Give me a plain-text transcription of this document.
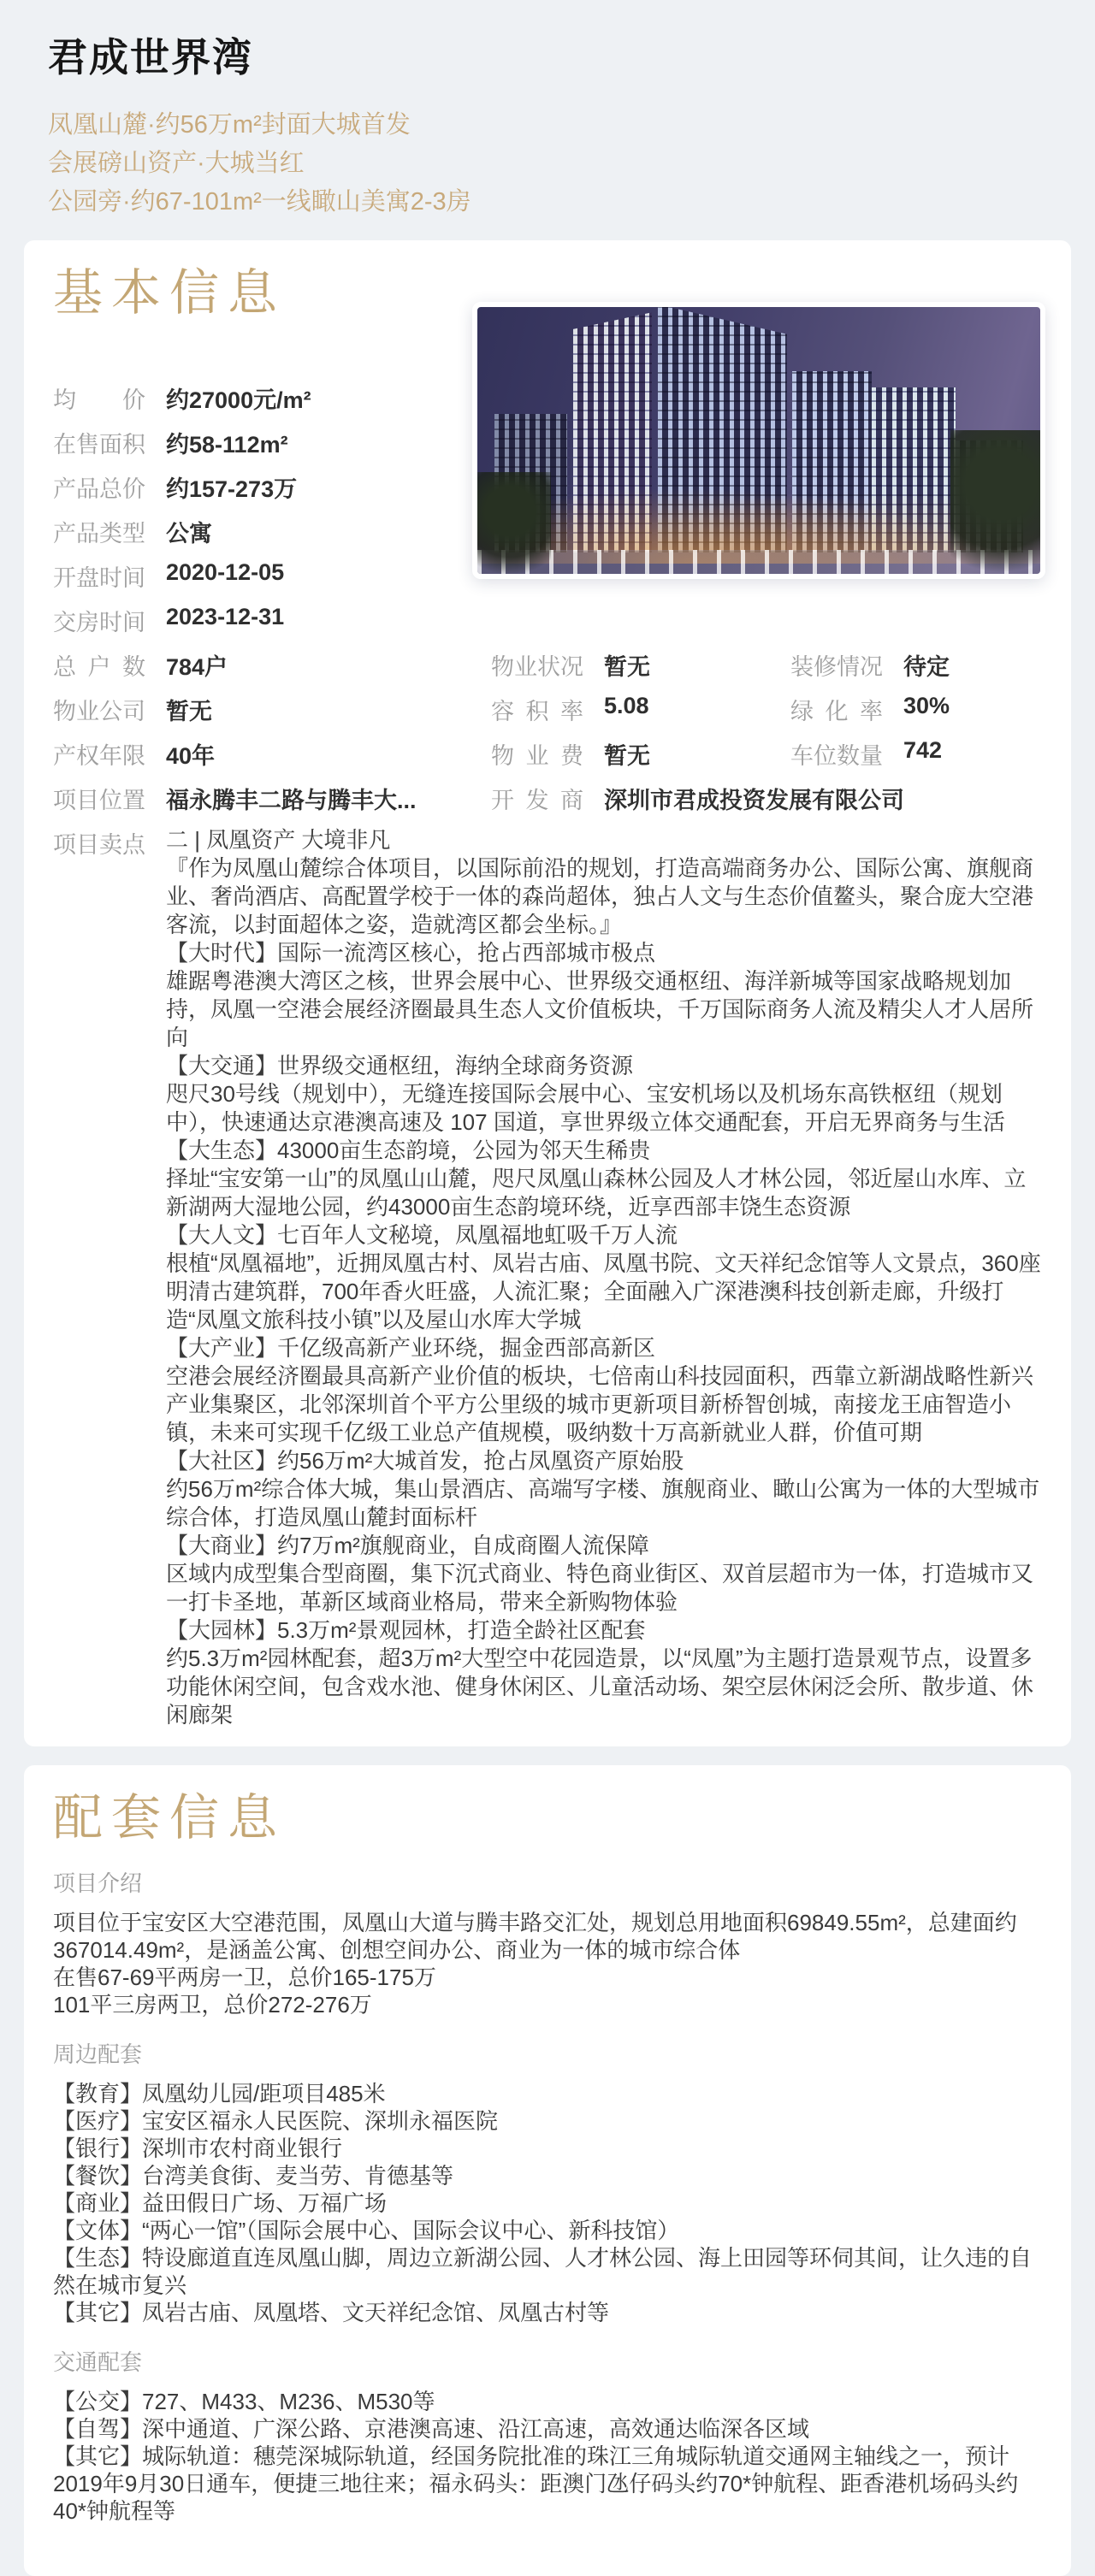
君成世界湾
凤凰山麓·约56万m²封面大城首发
会展磅山资产·大城当红
公园旁·约67-101m²一线瞰山美寓2-3房
基本信息
均价 约27000元/m²
在售面积 约58-112m²
产品总价 约157-273万
产品类型 公寓
开盘时间 2020-12-05
交房时间 2023-12-31
总户数 784户	物业状况 暂无	装修情况 待定
物业公司 暂无	容积率 5.08	绿化率 30%
产权年限 40年	物业费 暂无	车位数量 742
项目位置 福永腾丰二路与腾丰大...	开发商 深圳市君成投资发展有限公司
项目卖点 二 | 凤凰资产 大境非凡

『作为凤凰山麓综合体项目，以国际前沿的规划，打造高端商务办公、国际公寓、旗舰商业、奢尚酒店、高配置学校于一体的森尚超体，独占人文与生态价值鳌头，聚合庞大空港客流，以封面超体之姿，造就湾区都会坐标。』

【大时代】国际一流湾区核心，抢占西部城市极点

雄踞粤港澳大湾区之核，世界会展中心、世界级交通枢纽、海洋新城等国家战略规划加持，凤凰一空港会展经济圈最具生态人文价值板块，千万国际商务人流及精尖人才人居所向

【大交通】世界级交通枢纽，海纳全球商务资源

咫尺30号线（规划中），无缝连接国际会展中心、宝安机场以及机场东高铁枢纽（规划中），快速通达京港澳高速及 107 国道，享世界级立体交通配套，开启无界商务与生活

【大生态】43000亩生态韵境，公园为邻天生稀贵

择址“宝安第一山”的凤凰山山麓，咫尺凤凰山森林公园及人才林公园，邻近屋山水库、立新湖两大湿地公园，约43000亩生态韵境环绕，近享西部丰饶生态资源

【大人文】七百年人文秘境，凤凰福地虹吸千万人流

根植“凤凰福地”，近拥凤凰古村、凤岩古庙、凤凰书院、文天祥纪念馆等人文景点，360座明清古建筑群，700年香火旺盛，人流汇聚；全面融入广深港澳科技创新走廊，升级打造“凤凰文旅科技小镇”以及屋山水库大学城

【大产业】千亿级高新产业环绕，掘金西部高新区

空港会展经济圈最具高新产业价值的板块，七倍南山科技园面积，西靠立新湖战略性新兴产业集聚区，北邻深圳首个平方公里级的城市更新项目新桥智创城，南接龙王庙智造小镇，未来可实现千亿级工业总产值规模，吸纳数十万高新就业人群，价值可期

【大社区】约56万m²大城首发，抢占凤凰资产原始股

约56万m²综合体大城，集山景酒店、高端写字楼、旗舰商业、瞰山公寓为一体的大型城市综合体，打造凤凰山麓封面标杆

【大商业】约7万m²旗舰商业，自成商圈人流保障

区域内成型集合型商圈，集下沉式商业、特色商业街区、双首层超市为一体，打造城市又一打卡圣地，革新区域商业格局，带来全新购物体验

【大园林】5.3万m²景观园林，打造全龄社区配套

约5.3万m²园林配套，超3万m²大型空中花园造景，以“凤凰”为主题打造景观节点，设置多功能休闲空间，包含戏水池、健身休闲区、儿童活动场、架空层休闲泛会所、散步道、休闲廊架

配套信息
项目介绍

项目位于宝安区大空港范围，凤凰山大道与腾丰路交汇处，规划总用地面积69849.55m²，总建面约367014.49m²，是涵盖公寓、创想空间办公、商业为一体的城市综合体

在售67-69平两房一卫，总价165-175万

101平三房两卫，总价272-276万

周边配套

【教育】凤凰幼儿园/距项目485米

【医疗】宝安区福永人民医院、深圳永福医院

【银行】深圳市农村商业银行

【餐饮】台湾美食街、麦当劳、肯德基等

【商业】益田假日广场、万福广场

【文体】“两心一馆”（国际会展中心、国际会议中心、新科技馆）

【生态】特设廊道直连凤凰山脚，周边立新湖公园、人才林公园、海上田园等环伺其间，让久违的自然在城市复兴

【其它】凤岩古庙、凤凰塔、文天祥纪念馆、凤凰古村等

交通配套

【公交】727、M433、M236、M530等

【自驾】深中通道、广深公路、京港澳高速、沿江高速，高效通达临深各区域

【其它】城际轨道：穗莞深城际轨道，经国务院批准的珠江三角城际轨道交通网主轴线之一，预计2019年9月30日通车，便捷三地往来；福永码头：距澳门氹仔码头约70*钟航程、距香港机场码头约40*钟航程等
